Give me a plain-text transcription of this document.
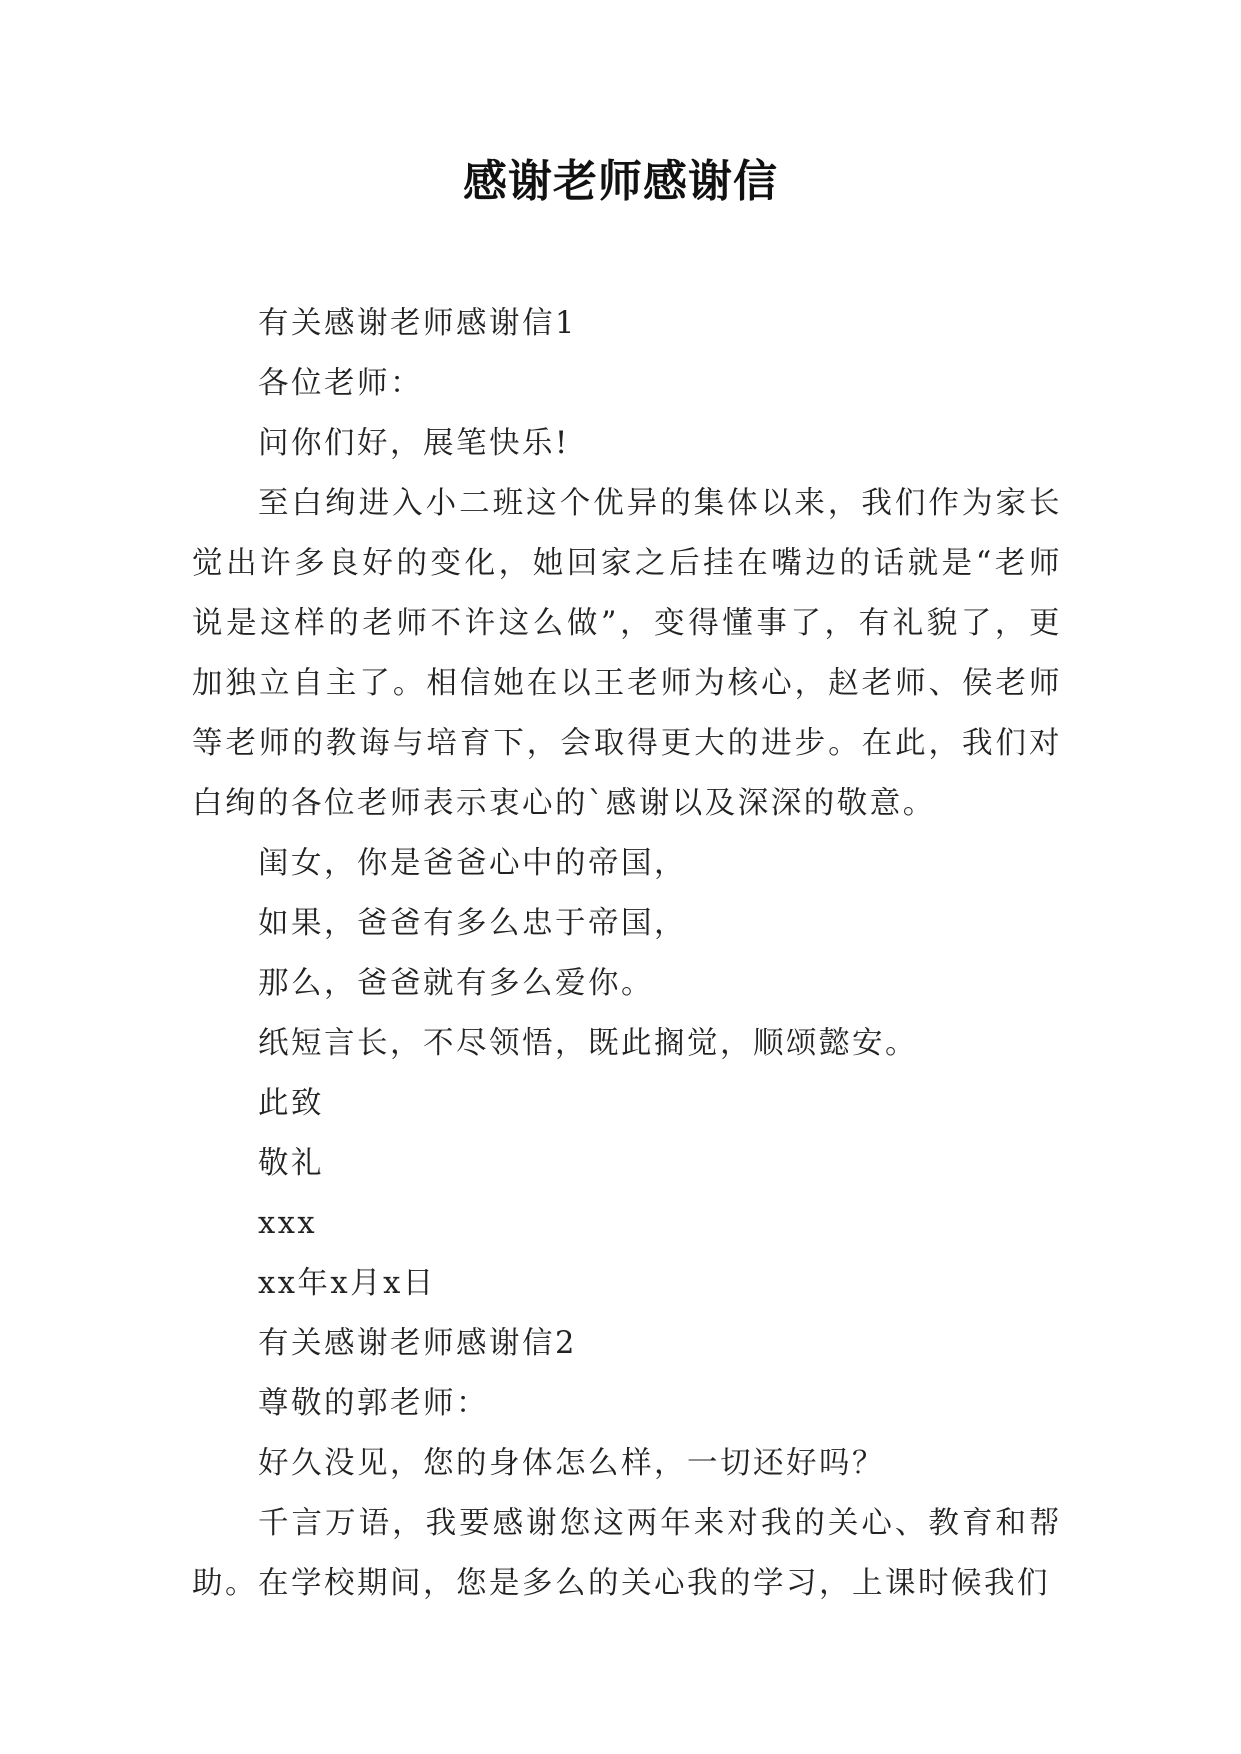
感谢老师感谢信

有关感谢老师感谢信1

各位老师：

问你们好，展笔快乐!

至白绚进入小二班这个优异的集体以来，我们作为家长觉出许多良好的变化，她回家之后挂在嘴边的话就是“老师说是这样的老师不许这么做”，变得懂事了，有礼貌了，更加独立自主了。相信她在以王老师为核心，赵老师、侯老师等老师的教诲与培育下，会取得更大的进步。在此，我们对白绚的各位老师表示衷心的`感谢以及深深的敬意。

闺女，你是爸爸心中的帝国，

如果，爸爸有多么忠于帝国，

那么，爸爸就有多么爱你。

纸短言长，不尽领悟，既此搁觉，顺颂懿安。

此致

敬礼

xxx

xx年x月x日

有关感谢老师感谢信2

尊敬的郭老师：

好久没见，您的身体怎么样，一切还好吗？

千言万语，我要感谢您这两年来对我的关心、教育和帮助。在学校期间，您是多么的关心我的学习，上课时候我们
